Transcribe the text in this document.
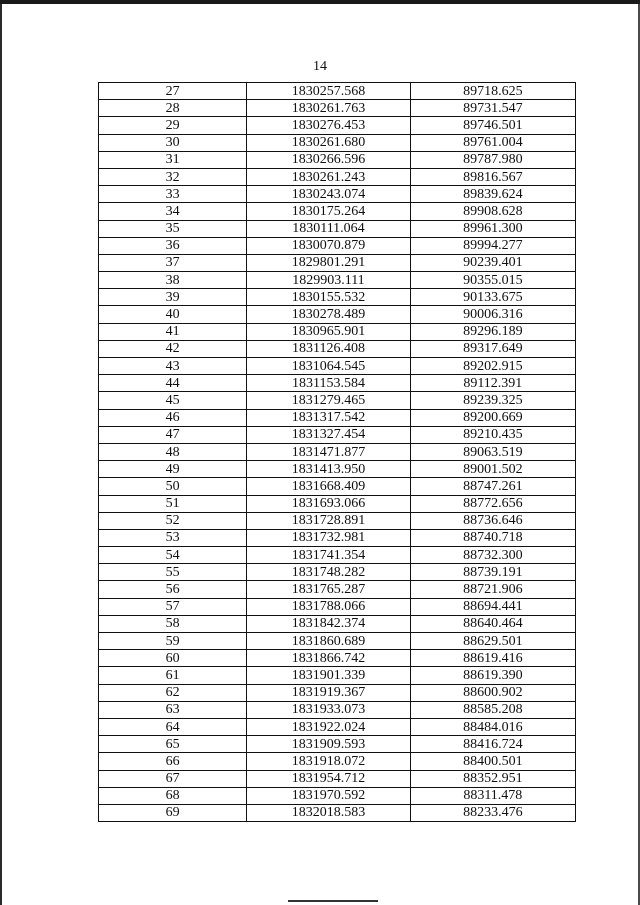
14
27	1830257.568	89718.625
28	1830261.763	89731.547
29	1830276.453	89746.501
30	1830261.680	89761.004
31	1830266.596	89787.980
32	1830261.243	89816.567
33	1830243.074	89839.624
34	1830175.264	89908.628
35	1830111.064	89961.300
36	1830070.879	89994.277
37	1829801.291	90239.401
38	1829903.111	90355.015
39	1830155.532	90133.675
40	1830278.489	90006.316
41	1830965.901	89296.189
42	1831126.408	89317.649
43	1831064.545	89202.915
44	1831153.584	89112.391
45	1831279.465	89239.325
46	1831317.542	89200.669
47	1831327.454	89210.435
48	1831471.877	89063.519
49	1831413.950	89001.502
50	1831668.409	88747.261
51	1831693.066	88772.656
52	1831728.891	88736.646
53	1831732.981	88740.718
54	1831741.354	88732.300
55	1831748.282	88739.191
56	1831765.287	88721.906
57	1831788.066	88694.441
58	1831842.374	88640.464
59	1831860.689	88629.501
60	1831866.742	88619.416
61	1831901.339	88619.390
62	1831919.367	88600.902
63	1831933.073	88585.208
64	1831922.024	88484.016
65	1831909.593	88416.724
66	1831918.072	88400.501
67	1831954.712	88352.951
68	1831970.592	88311.478
69	1832018.583	88233.476
